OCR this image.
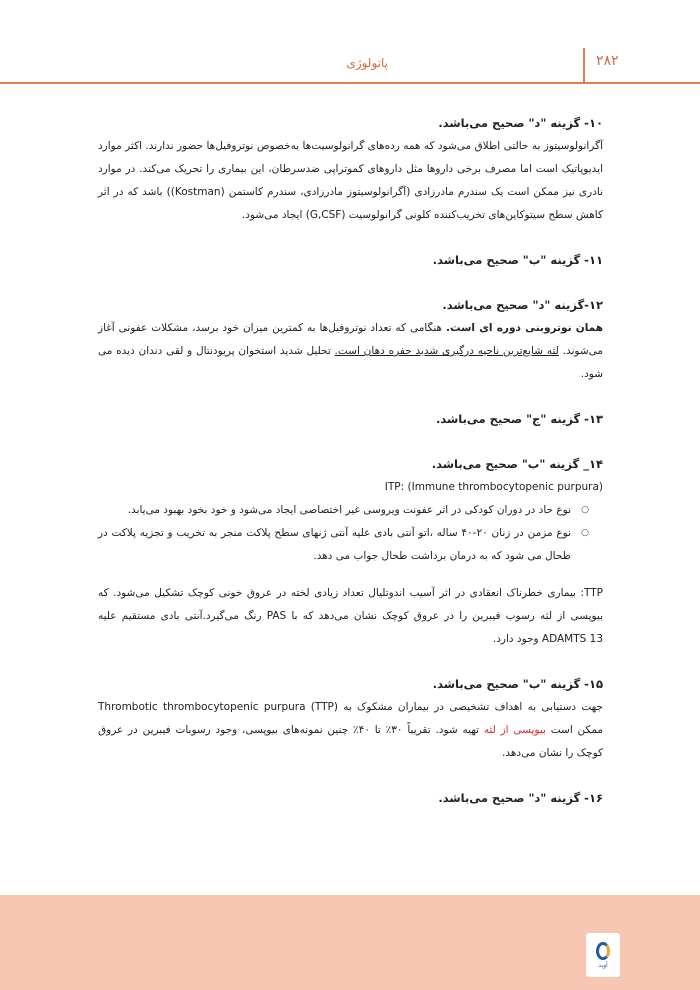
۲۸۲
پاتولوژی

۱۰- گزینه "د" صحیح می‌باشد.

آگرانولوسیتوز به حالتی اطلاق می‌شود که همه رده‌های گرانولوسیت‌ها به‌خصوص نوتروفیل‌ها حضور ندارند. اکثر موارد ایدیوپاتیک است اما مصرف برخی داروها مثل داروهای کموتراپی ضدسرطان، این بیماری را تحریک می‌کند. در موارد نادری نیز ممکن است یک سندرم مادرزادی (آگرانولوسیتوز مادرزادی، سندرم کاستمن (Kostman)) باشد که در اثر کاهش سطح سیتوکاین‌های تخریب‌کننده کلونی گرانولوسیت (G,CSF) ایجاد می‌شود.

۱۱- گزینه "ب" صحیح می‌باشد.

۱۲-گزینه "د" صحیح می‌باشد.

همان نوتروبنی دوره ای است. هنگامی که تعداد نوتروفیل‌ها به کمترین میزان خود برسد، مشکلات عفونی آغاز می‌شوند. لثه شایع‌ترین ناحیه درگیری شدید حفره دهان است. تحلیل شدید استخوان پریودنتال و لقی دندان دیده می شود.

۱۳- گزینه "ج" صحیح می‌باشد.

۱۴_ گزینه "ب" صحیح می‌باشد.

ITP: (Immune thrombocytopenic purpura)

○ نوع حاد در دوران کودکی در اثر عفونت ویروسی غیر اختصاصی ایجاد می‌شود و خود بخود بهبود می‌یابد.
○ نوع مزمن در زنان ۲۰-۴۰ ساله ،اتو آنتی بادی علیه آنتی ژنهای سطح پلاکت منجر به تخریب و تجزیه پلاکت در طحال می شود که به درمان برداشت طحال جواب می دهد.

TTP: بیماری خطرناک انعقادی در اثر آسیب اندوتلیال تعداد زیادی لخته در عروق خونی کوچک تشکیل می‌شود. که بیوپسی از لثه رسوب فیبرین را در عروق کوچک نشان می‌دهد که با PAS رنگ می‌گیرد.آنتی بادی مستقیم علیه ADAMTS 13 وجود دارد.

۱۵- گزینه "ب" صحیح می‌باشد.

جهت دستیابی به اهداف تشخیصی در بیماران مشکوک به Thrombotic thrombocytopenic purpura (TTP) ممکن است بیوپسی از لثه تهیه شود. تقریباً ۳۰٪ تا ۴۰٪ چنین نمونه‌های بیوپسی، وجود رسوبات فیبرین در عروق کوچک را نشان می‌دهد.

۱۶- گزینه "د" صحیح می‌باشد.

آوید
